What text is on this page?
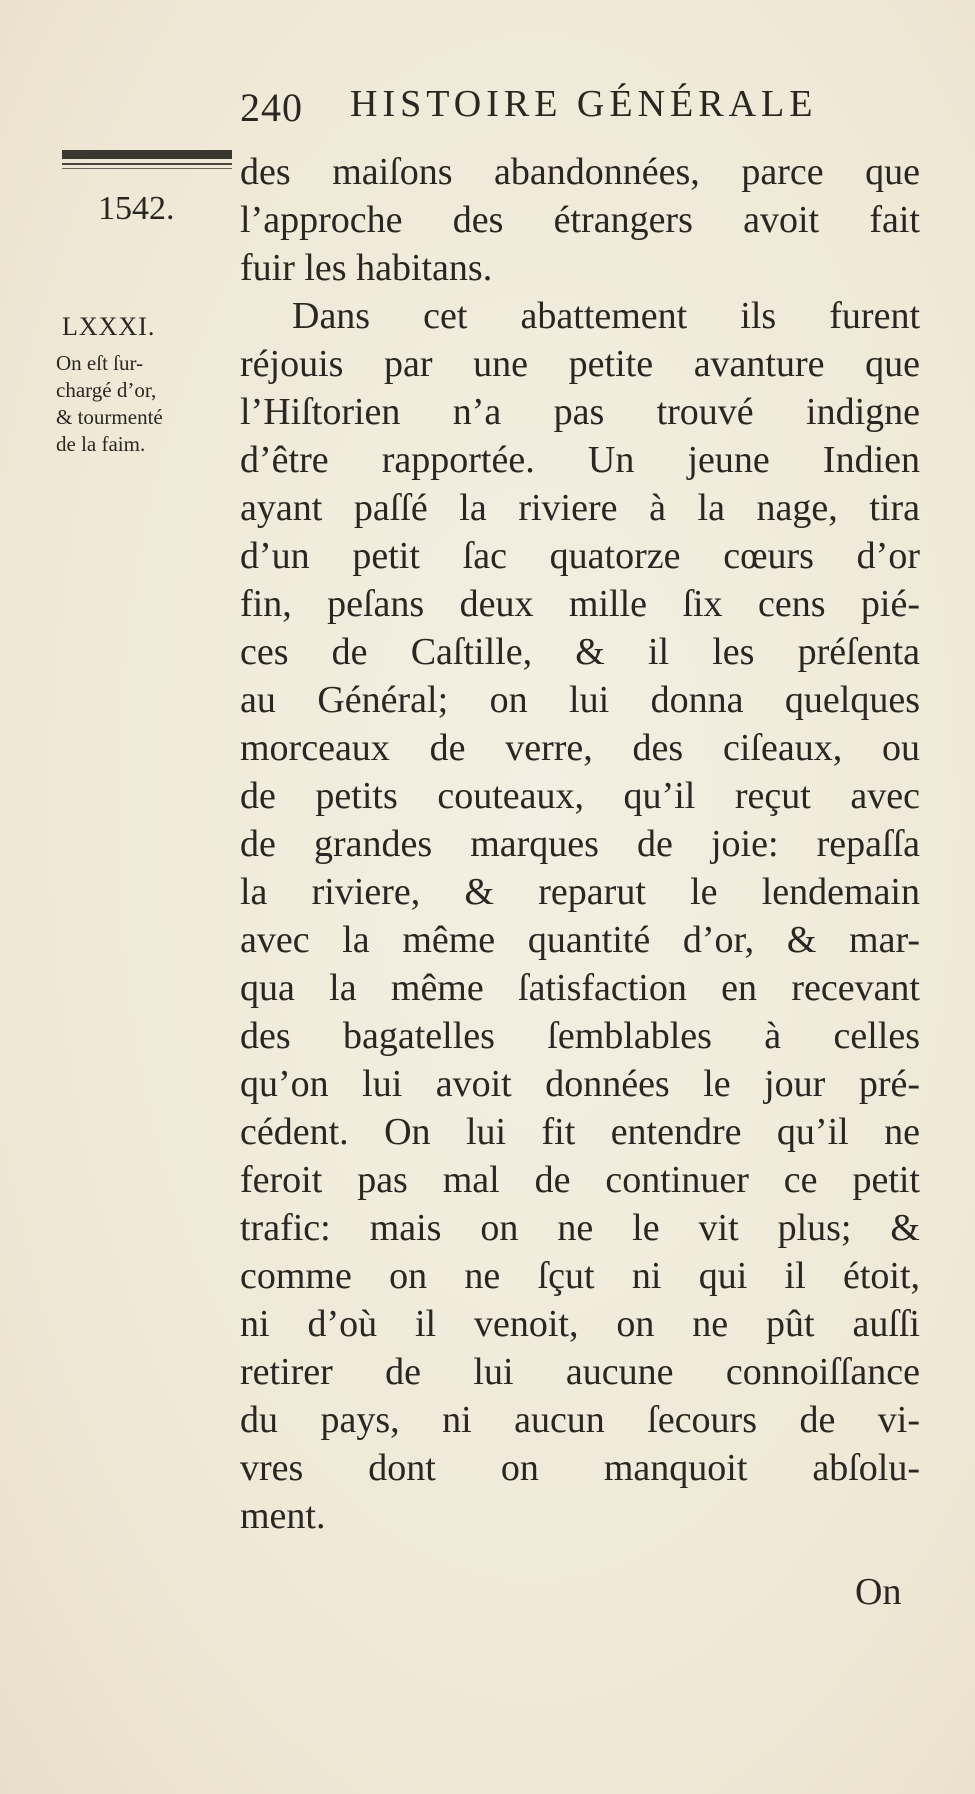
240 HISTOIRE GÉNÉRALE
1542.
LXXXI.
On eſt ſur-
chargé d’or,
& tourmenté
de la faim.
des maiſons abandonnées, parce que
l’approche des étrangers avoit fait
fuir les habitans.
Dans cet abattement ils furent
réjouis par une petite avanture que
l’Hiſtorien n’a pas trouvé indigne
d’être rapportée. Un jeune Indien
ayant paſſé la riviere à la nage, tira
d’un petit ſac quatorze cœurs d’or
fin, peſans deux mille ſix cens pié-
ces de Caſtille, & il les préſenta
au Général; on lui donna quelques
morceaux de verre, des ciſeaux, ou
de petits couteaux, qu’il reçut avec
de grandes marques de joie: repaſſa
la riviere, & reparut le lendemain
avec la même quantité d’or, & mar-
qua la même ſatisfaction en recevant
des bagatelles ſemblables à celles
qu’on lui avoit données le jour pré-
cédent. On lui fit entendre qu’il ne
feroit pas mal de continuer ce petit
trafic: mais on ne le vit plus; &
comme on ne ſçut ni qui il étoit,
ni d’où il venoit, on ne pût auſſi
retirer de lui aucune connoiſſance
du pays, ni aucun ſecours de vi-
vres dont on manquoit abſolu-
ment.
On
